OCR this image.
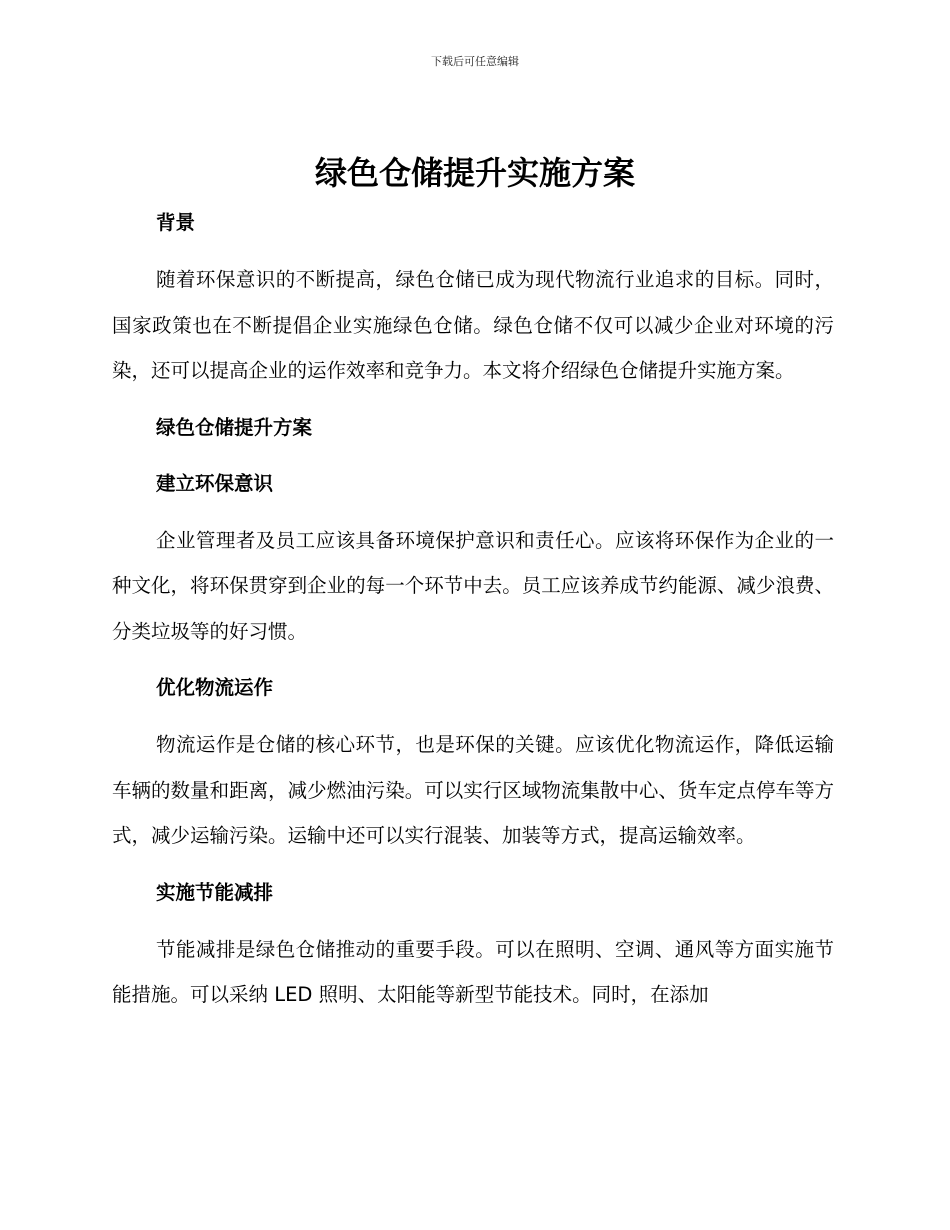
下载后可任意编辑
绿色仓储提升实施方案
背景

随着环保意识的不断提高，绿色仓储已成为现代物流行业追求的目标。同时，国家政策也在不断提倡企业实施绿色仓储。绿色仓储不仅可以减少企业对环境的污染，还可以提高企业的运作效率和竞争力。本文将介绍绿色仓储提升实施方案。

绿色仓储提升方案
建立环保意识

企业管理者及员工应该具备环境保护意识和责任心。应该将环保作为企业的一种文化，将环保贯穿到企业的每一个环节中去。员工应该养成节约能源、减少浪费、分类垃圾等的好习惯。

优化物流运作

物流运作是仓储的核心环节，也是环保的关键。应该优化物流运作，降低运输车辆的数量和距离，减少燃油污染。可以实行区域物流集散中心、货车定点停车等方式，减少运输污染。运输中还可以实行混装、加装等方式，提高运输效率。

实施节能减排

节能减排是绿色仓储推动的重要手段。可以在照明、空调、通风等方面实施节能措施。可以采纳 LED 照明、太阳能等新型节能技术。同时，在添加
